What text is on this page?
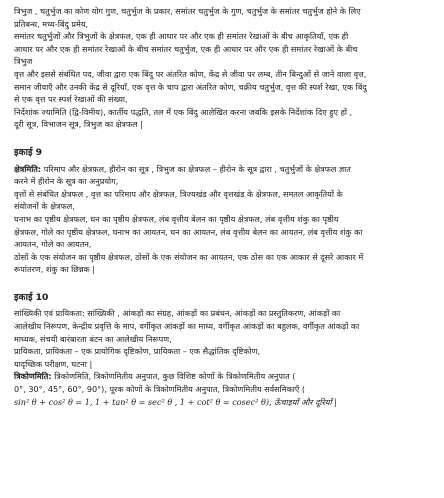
त्रिभुज , चतुर्भुज का कोण योग गुण, चतुर्भुज के प्रकार, समांतर चतुर्भुज के गुण, चतुर्भुज के समांतर चतुर्भुज होने के लिए

प्रतिबन्ध, मध्य-बिंदु प्रमेय,

समांतर चतुर्भुजों और त्रिभुजों के क्षेत्रफल, एक ही आधार पर और एक ही समांतर रेखाओं के बीच आकृतियाँ, एक ही

आधार पर और एक ही समांतर रेखाओं के बीच समांतर चतुर्भुज, एक ही आधार पर और एक ही समांतर रेखाओं के बीच

त्रिभुज

वृत्त और इससे संबंधित पद, जीवा द्वारा एक बिंदु पर अंतरित कोण, केंद्र से जीवा पर लम्ब, तीन बिन्दुओं से जाने वाला वृत्त,

समान जीवाएँ और उनकी केंद्र से दूरियाँ, एक वृत्त के चाप द्वारा अंतरित कोण, चक्रीय चतुर्भुज, वृत्त की स्पर्श रेखा, एक बिंदु

से एक वृत्त पर स्पर्श रेखाओं की संख्या,

निर्देशांक ज्यामिति (द्वि-विमीय), कार्तीय पद्धति, तल में एक बिंदु आलेखित करना जबकि इसके निर्देशांक दिए हुए हों ,

दूरी सूत्र, विभाजन सूत्र, त्रिभुज का क्षेत्रफल |

इकाई 9

क्षेत्रमिति: परिमाप और क्षेत्रफल, हीरोन का सूत्र , त्रिभुज का क्षेत्रफल – हीरोन के सूत्र द्वारा , चतुर्भुजों के क्षेत्रफल ज्ञात

करने में हीरोन के सूत्र का अनुप्रयोग,

वृत्तों से संबंधित क्षेत्रफल , वृत्त का परिमाप और क्षेत्रफल, त्रिज्यखंड और वृत्तखंड के क्षेत्रफल, समतल आकृतियों के

संयोजनों के क्षेत्रफल,

घनाभ का पृष्ठीय क्षेत्रफल, घन का पृष्ठीय क्षेत्रफल, लंब वृत्तीय बेलन का पृष्ठीय क्षेत्रफल, लंब वृत्तीय शंकु का पृष्ठीय

क्षेत्रफल, गोले का पृष्ठीय क्षेत्रफल, घनाभ का आयतन, घन का आयतन, लंब वृत्तीय बेलन का आयतन, लंब वृत्तीय शंकु का

आयतन, गोले का आयतन,

ठोसों के एक संयोजन का पृष्ठीय क्षेत्रफल, ठोसों के एक संयोजन का आयतन, एक ठोस का एक आकार से दूसरे आकार में

रूपांतरण, शंकु का छिन्नक |

इकाई 10

सांख्यिकी एवं प्रायिकता: सांख्यिकी , आंकड़ों का संग्रह, आंकड़ों का प्रबंधन, आंकड़ों का प्रस्तुतिकरण, आंकड़ों का

आलेखीय निरूपण, केन्द्रीय प्रवृत्ति के माप, वर्गीकृत आंकड़ों का माध्य, वर्गीकृत आंकड़ों का बहुलक, वर्गीकृत आंकड़ों का

माध्यक, संचयी बारंबारता बंटन का आलेखीय निरूपण,

प्रायिकता, प्रायिकता – एक प्रायोगिक दृष्टिकोण, प्रायिकता – एक सैद्धांतिक दृष्टिकोण,

यादृच्छिक परीक्षण, घटना |

त्रिकोणमिति: त्रिकोणमिति, त्रिकोणमितीय अनुपात, कुछ विशिष्ट कोणों के त्रिकोणमितीय अनुपात (

0°, 30°, 45°, 60°, 90°), पूरक कोणों के त्रिकोणमितीय अनुपात, त्रिकोणमितीय सर्वसमिकाएँ (

sin² θ + cos² θ = 1, 1 + tan² θ = sec² θ , 1 + cot² θ = cosec² θ), ऊँचाइयाँ और दूरियाँ |
